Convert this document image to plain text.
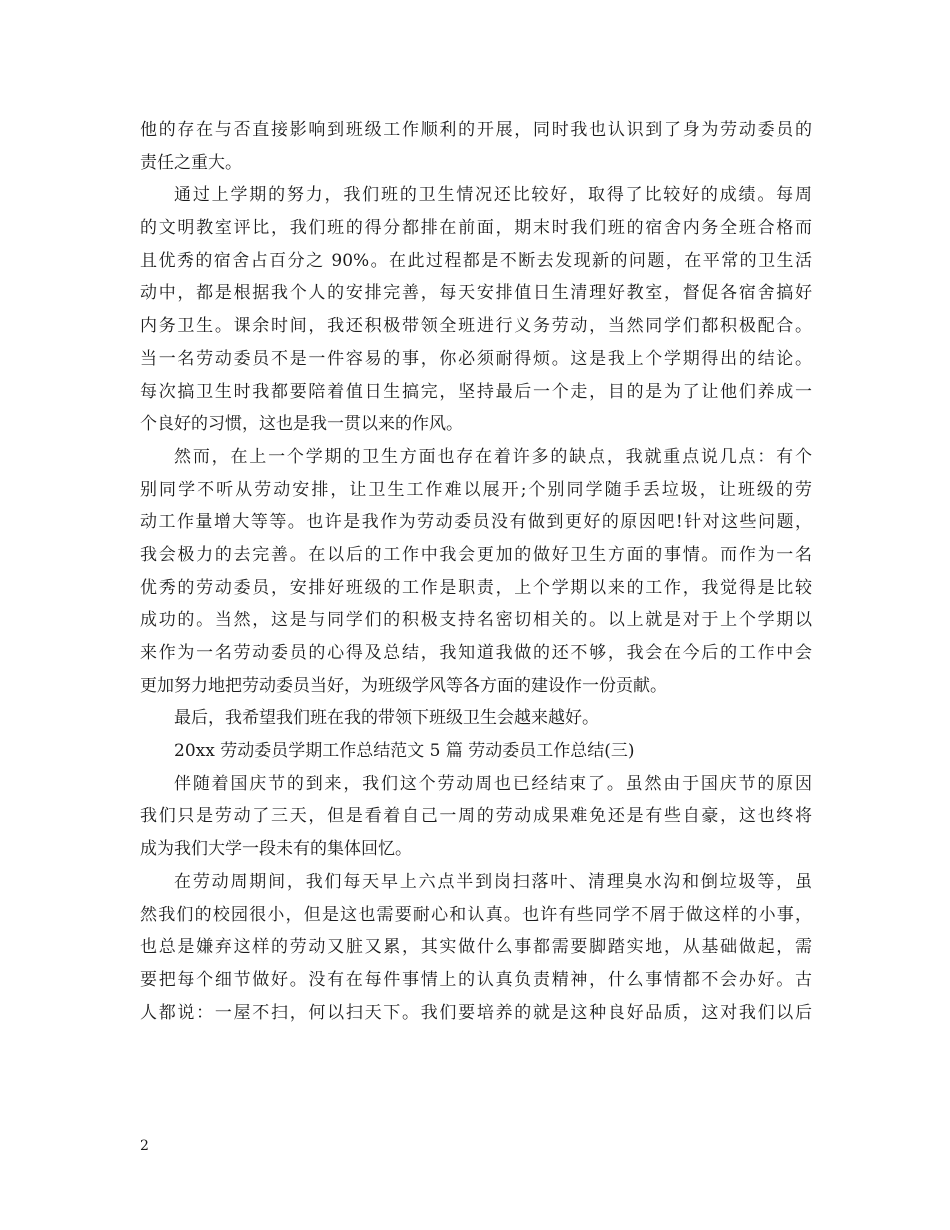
他的存在与否直接影响到班级工作顺利的开展，同时我也认识到了身为劳动委员的
责任之重大。
通过上学期的努力，我们班的卫生情况还比较好，取得了比较好的成绩。每周
的文明教室评比，我们班的得分都排在前面，期末时我们班的宿舍内务全班合格而
且优秀的宿舍占百分之 90%。在此过程都是不断去发现新的问题，在平常的卫生活
动中，都是根据我个人的安排完善，每天安排值日生清理好教室，督促各宿舍搞好
内务卫生。课余时间，我还积极带领全班进行义务劳动，当然同学们都积极配合。
当一名劳动委员不是一件容易的事，你必须耐得烦。这是我上个学期得出的结论。
每次搞卫生时我都要陪着值日生搞完，坚持最后一个走，目的是为了让他们养成一
个良好的习惯，这也是我一贯以来的作风。
然而，在上一个学期的卫生方面也存在着许多的缺点，我就重点说几点：有个
别同学不听从劳动安排，让卫生工作难以展开;个别同学随手丢垃圾，让班级的劳
动工作量增大等等。也许是我作为劳动委员没有做到更好的原因吧!针对这些问题，
我会极力的去完善。在以后的工作中我会更加的做好卫生方面的事情。而作为一名
优秀的劳动委员，安排好班级的工作是职责，上个学期以来的工作，我觉得是比较
成功的。当然，这是与同学们的积极支持名密切相关的。以上就是对于上个学期以
来作为一名劳动委员的心得及总结，我知道我做的还不够，我会在今后的工作中会
更加努力地把劳动委员当好，为班级学风等各方面的建设作一份贡献。
最后，我希望我们班在我的带领下班级卫生会越来越好。
20xx 劳动委员学期工作总结范文 5 篇 劳动委员工作总结(三)
伴随着国庆节的到来，我们这个劳动周也已经结束了。虽然由于国庆节的原因
我们只是劳动了三天，但是看着自己一周的劳动成果难免还是有些自豪，这也终将
成为我们大学一段未有的集体回忆。
在劳动周期间，我们每天早上六点半到岗扫落叶、清理臭水沟和倒垃圾等，虽
然我们的校园很小，但是这也需要耐心和认真。也许有些同学不屑于做这样的小事，
也总是嫌弃这样的劳动又脏又累，其实做什么事都需要脚踏实地，从基础做起，需
要把每个细节做好。没有在每件事情上的认真负责精神，什么事情都不会办好。古
人都说：一屋不扫，何以扫天下。我们要培养的就是这种良好品质，这对我们以后
2
